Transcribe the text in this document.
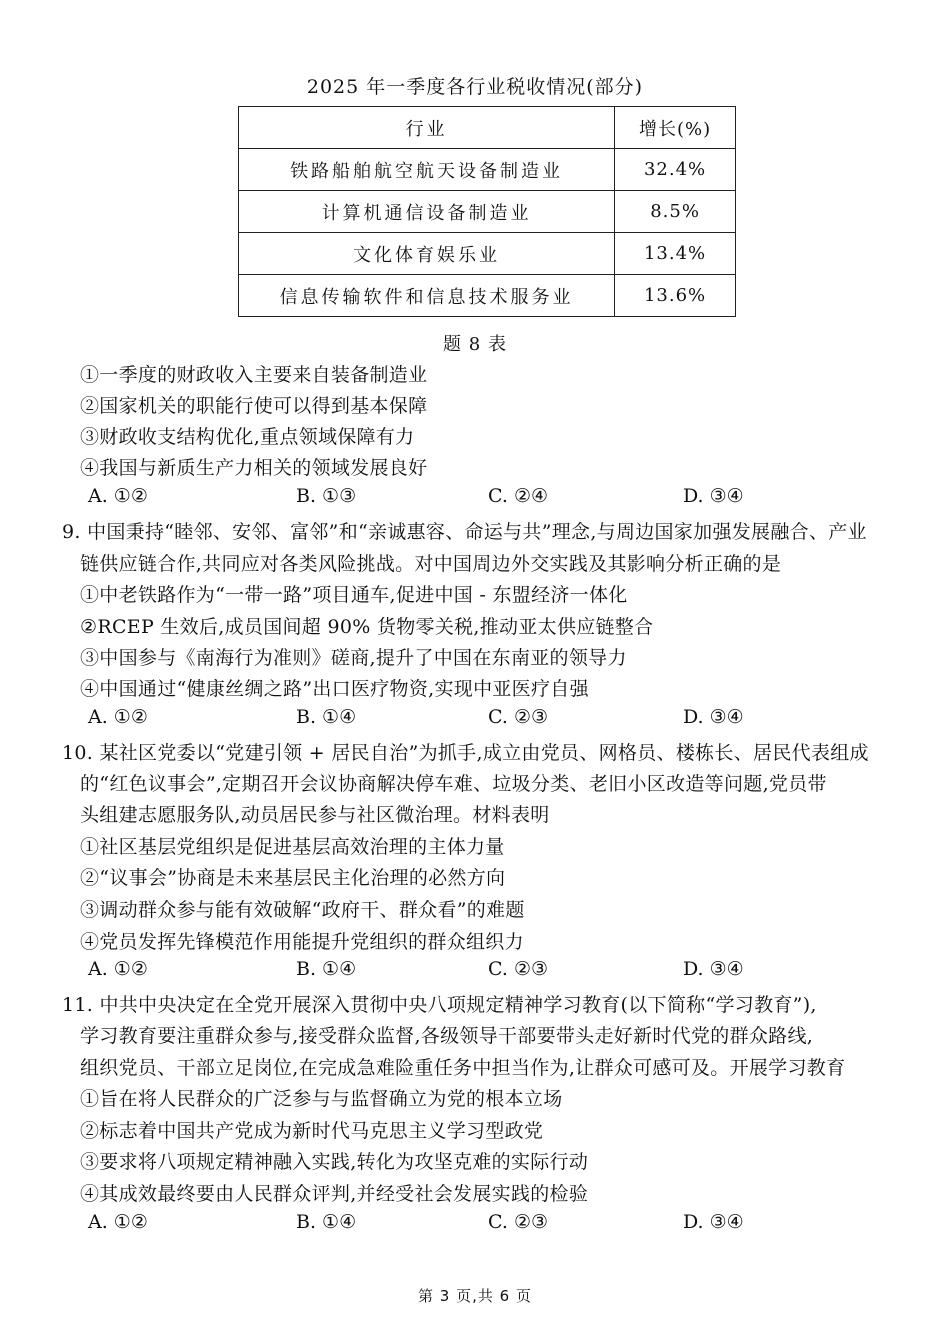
2025 年一季度各行业税收情况(部分)
行业	增长(%)
铁路船舶航空航天设备制造业	32.4%
计算机通信设备制造业	8.5%
文化体育娱乐业	13.4%
信息传输软件和信息技术服务业	13.6%
题 8 表
①一季度的财政收入主要来自装备制造业
②国家机关的职能行使可以得到基本保障
③财政收支结构优化,重点领域保障有力
④我国与新质生产力相关的领域发展良好
A. ①②	B. ①③	C. ②④	D. ③④
9. 中国秉持“睦邻、安邻、富邻”和“亲诚惠容、命运与共”理念,与周边国家加强发展融合、产业
链供应链合作,共同应对各类风险挑战。对中国周边外交实践及其影响分析正确的是
①中老铁路作为“一带一路”项目通车,促进中国 - 东盟经济一体化
②RCEP 生效后,成员国间超 90% 货物零关税,推动亚太供应链整合
③中国参与《南海行为准则》磋商,提升了中国在东南亚的领导力
④中国通过“健康丝绸之路”出口医疗物资,实现中亚医疗自强
A. ①②	B. ①④	C. ②③	D. ③④
10. 某社区党委以“党建引领 + 居民自治”为抓手,成立由党员、网格员、楼栋长、居民代表组成
的“红色议事会”,定期召开会议协商解决停车难、垃圾分类、老旧小区改造等问题,党员带
头组建志愿服务队,动员居民参与社区微治理。材料表明
①社区基层党组织是促进基层高效治理的主体力量
②“议事会”协商是未来基层民主化治理的必然方向
③调动群众参与能有效破解“政府干、群众看”的难题
④党员发挥先锋模范作用能提升党组织的群众组织力
A. ①②	B. ①④	C. ②③	D. ③④
11. 中共中央决定在全党开展深入贯彻中央八项规定精神学习教育(以下简称“学习教育”),
学习教育要注重群众参与,接受群众监督,各级领导干部要带头走好新时代党的群众路线,
组织党员、干部立足岗位,在完成急难险重任务中担当作为,让群众可感可及。开展学习教育
①旨在将人民群众的广泛参与与监督确立为党的根本立场
②标志着中国共产党成为新时代马克思主义学习型政党
③要求将八项规定精神融入实践,转化为攻坚克难的实际行动
④其成效最终要由人民群众评判,并经受社会发展实践的检验
A. ①②	B. ①④	C. ②③	D. ③④
第 3 页,共 6 页
